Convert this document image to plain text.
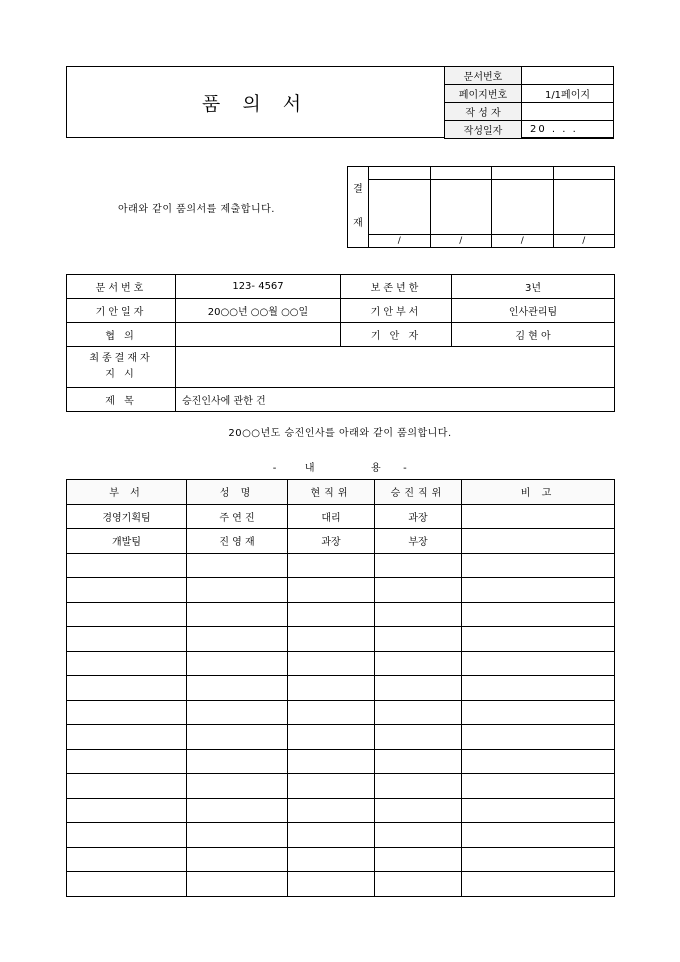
품 의 서
문서번호	
페이지번호	1/1페이지
작 성 자	
작성일자	20 . . .
아래와 같이 품의서를 제출합니다.
결
재				

	/	/	/	/
문서번호	123- 4567	보존년한	3년
기안일자	20○○년 ○○월 ○○일	기안부서	인사관리팀
협 의		기 안 자	김 현 아

최종결재자
지 시			

제 목	승진인사에 관한 건		
20○○년도 승진인사를 아래와 같이 품의합니다.
-	내	용 -
부 서	성 명	현직위	승진직위	비 고
경영기획팀	주 연 진	대리	과장	
개발팀	진 영 재	과장	부장	
